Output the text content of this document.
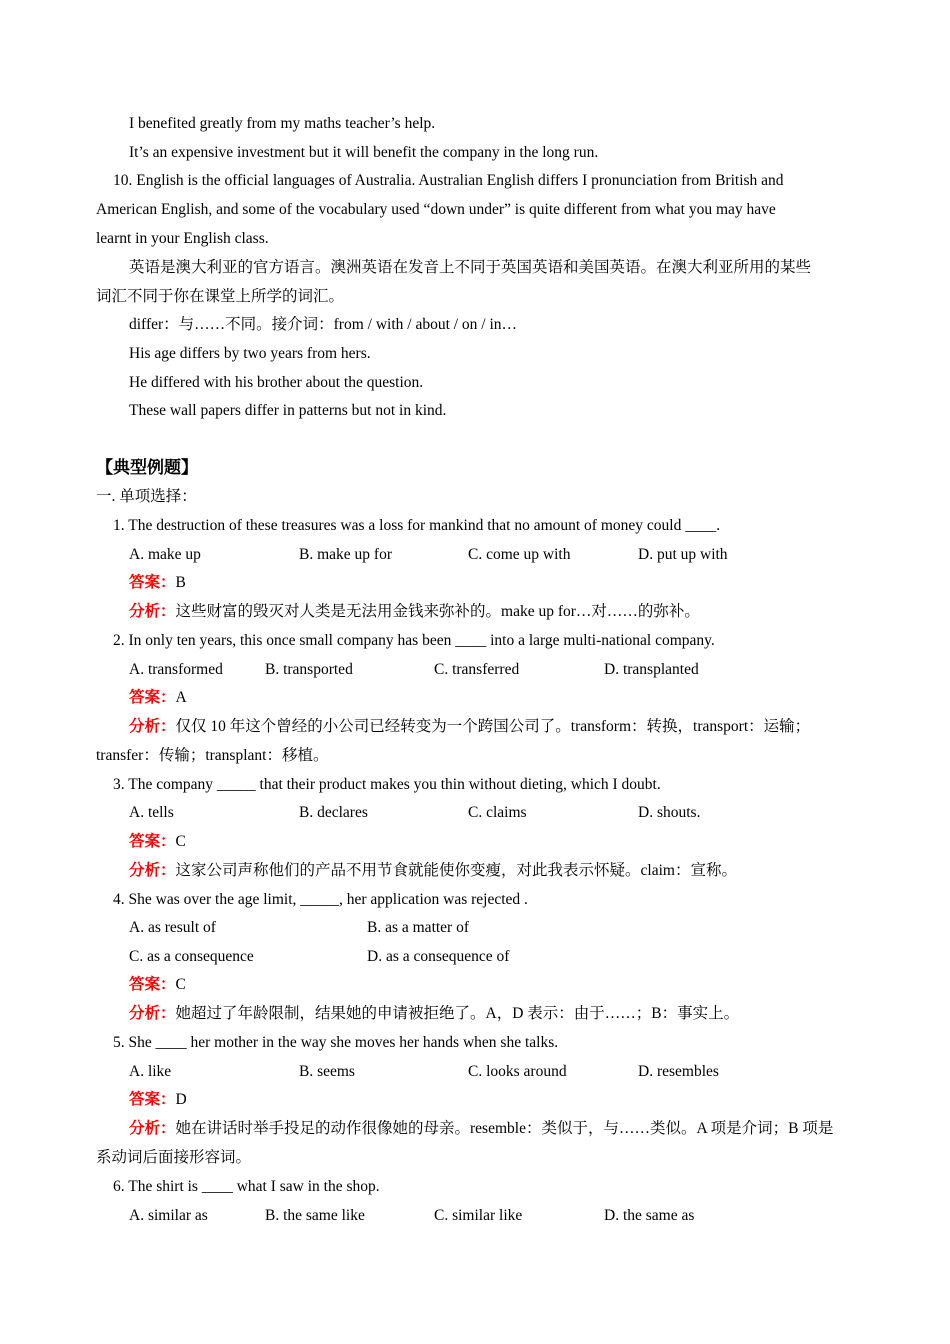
I benefited greatly from my maths teacher’s help.
It’s an expensive investment but it will benefit the company in the long run.
10. English is the official languages of Australia. Australian English differs I pronunciation from British and
American English, and some of the vocabulary used “down under” is quite different from what you may have
learnt in your English class.
英语是澳大利亚的官方语言。澳洲英语在发音上不同于英国英语和美国英语。在澳大利亚所用的某些
词汇不同于你在课堂上所学的词汇。
differ：与……不同。接介词：from / with / about / on / in…
His age differs by two years from hers.
He differed with his brother about the question.
These wall papers differ in patterns but not in kind.
【典型例题】
一. 单项选择：
1. The destruction of these treasures was a loss for mankind that no amount of money could ____.
A. make up	B. make up for	C. come up with	D. put up with
答案：B
分析：这些财富的毁灭对人类是无法用金钱来弥补的。make up for…对……的弥补。
2. In only ten years, this once small company has been ____ into a large multi-national company.
A. transformed	B. transported	C. transferred	D. transplanted
答案：A
分析：仅仅 10 年这个曾经的小公司已经转变为一个跨国公司了。transform：转换，transport：运输；
transfer：传输；transplant：移植。
3. The company _____ that their product makes you thin without dieting, which I doubt.
A. tells	B. declares	C. claims	D. shouts.
答案：C
分析：这家公司声称他们的产品不用节食就能使你变瘦，对此我表示怀疑。claim：宣称。
4. She was over the age limit, _____, her application was rejected .
A. as result of	B. as a matter of
C. as a consequence	D. as a consequence of
答案：C
分析：她超过了年龄限制，结果她的申请被拒绝了。A，D 表示：由于……；B：事实上。
5. She ____ her mother in the way she moves her hands when she talks.
A. like	B. seems	C. looks around	D. resembles
答案：D
分析：她在讲话时举手投足的动作很像她的母亲。resemble：类似于，与……类似。A 项是介词；B 项是
系动词后面接形容词。
6. The shirt is ____ what I saw in the shop.
A. similar as	B. the same like	C. similar like	D. the same as
